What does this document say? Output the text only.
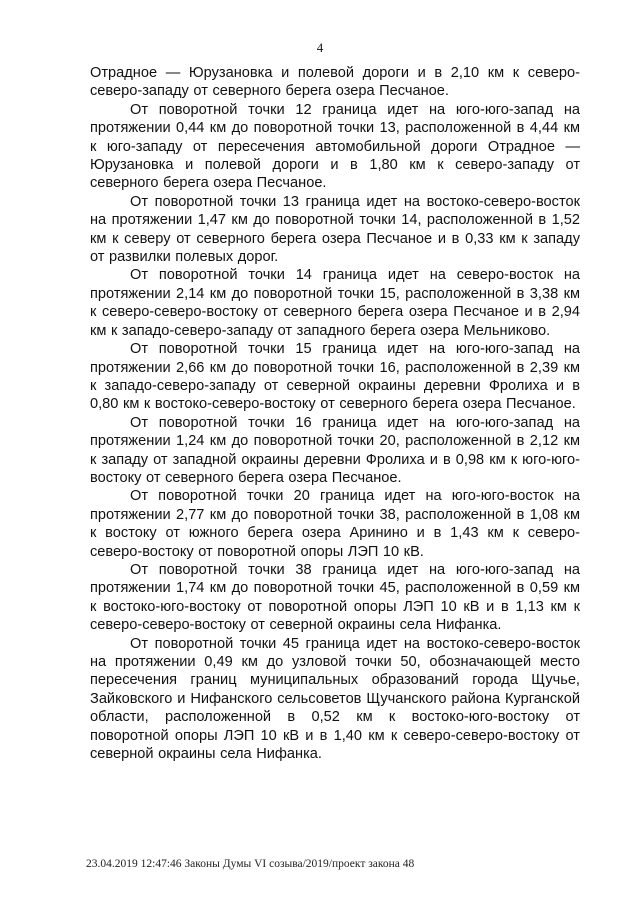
4

Отрадное — Юрузановка и полевой дороги и в 2,10 км к северо-северо-западу от северного берега озера Песчаное.

От поворотной точки 12 граница идет на юго-юго-запад на протяжении 0,44 км до поворотной точки 13, расположенной в 4,44 км к юго-западу от пересечения автомобильной дороги Отрадное — Юрузановка и полевой дороги и в 1,80 км к северо-западу от северного берега озера Песчаное.

От поворотной точки 13 граница идет на востоко-северо-восток на протяжении 1,47 км до поворотной точки 14, расположенной в 1,52 км к северу от северного берега озера Песчаное и в 0,33 км к западу от развилки полевых дорог.

От поворотной точки 14 граница идет на северо-восток на протяжении 2,14 км до поворотной точки 15, расположенной в 3,38 км к северо-северо-востоку от северного берега озера Песчаное и в 2,94 км к западо-северо-западу от западного берега озера Мельниково.

От поворотной точки 15 граница идет на юго-юго-запад на протяжении 2,66 км до поворотной точки 16, расположенной в 2,39 км к западо-северо-западу от северной окраины деревни Фролиха и в 0,80 км к востоко-северо-востоку от северного берега озера Песчаное.

От поворотной точки 16 граница идет на юго-юго-запад на протяжении 1,24 км до поворотной точки 20, расположенной в 2,12 км к западу от западной окраины деревни Фролиха и в 0,98 км к юго-юго-востоку от северного берега озера Песчаное.

От поворотной точки 20 граница идет на юго-юго-восток на протяжении 2,77 км до поворотной точки 38, расположенной в 1,08 км к востоку от южного берега озера Аринино и в 1,43 км к северо-северо-востоку от поворотной опоры ЛЭП 10 кВ.

От поворотной точки 38 граница идет на юго-юго-запад на протяжении 1,74 км до поворотной точки 45, расположенной в 0,59 км к востоко-юго-востоку от поворотной опоры ЛЭП 10 кВ и в 1,13 км к северо-северо-востоку от северной окраины села Нифанка.

От поворотной точки 45 граница идет на востоко-северо-восток на протяжении 0,49 км до узловой точки 50, обозначающей место пересечения границ муниципальных образований города Щучье, Зайковского и Нифанского сельсоветов Щучанского района Курганской области, расположенной в 0,52 км к востоко-юго-востоку от поворотной опоры ЛЭП 10 кВ и в 1,40 км к северо-северо-востоку от северной окраины села Нифанка.

23.04.2019 12:47:46 Законы Думы VI созыва/2019/проект закона 48
